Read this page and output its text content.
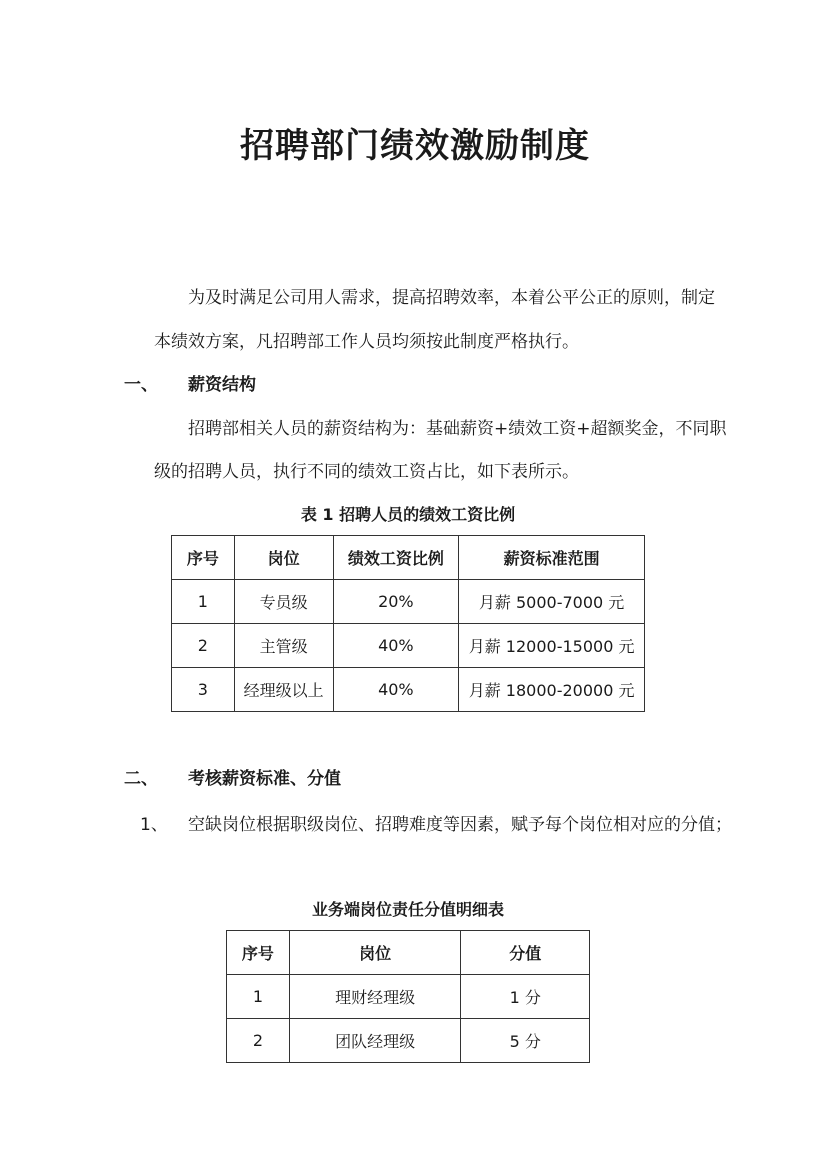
招聘部门绩效激励制度
为及时满足公司用人需求，提高招聘效率，本着公平公正的原则，制定
本绩效方案，凡招聘部工作人员均须按此制度严格执行。
一、 薪资结构
招聘部相关人员的薪资结构为：基础薪资+绩效工资+超额奖金，不同职
级的招聘人员，执行不同的绩效工资占比，如下表所示。
表 1 招聘人员的绩效工资比例
序号	岗位	绩效工资比例	薪资标准范围
1	专员级	20%	月薪 5000-7000 元
2	主管级	40%	月薪 12000-15000 元
3	经理级以上	40%	月薪 18000-20000 元
二、 考核薪资标准、分值
1、 空缺岗位根据职级岗位、招聘难度等因素，赋予每个岗位相对应的分值；
业务端岗位责任分值明细表
序号	岗位	分值
1	理财经理级	1 分
2	团队经理级	5 分
